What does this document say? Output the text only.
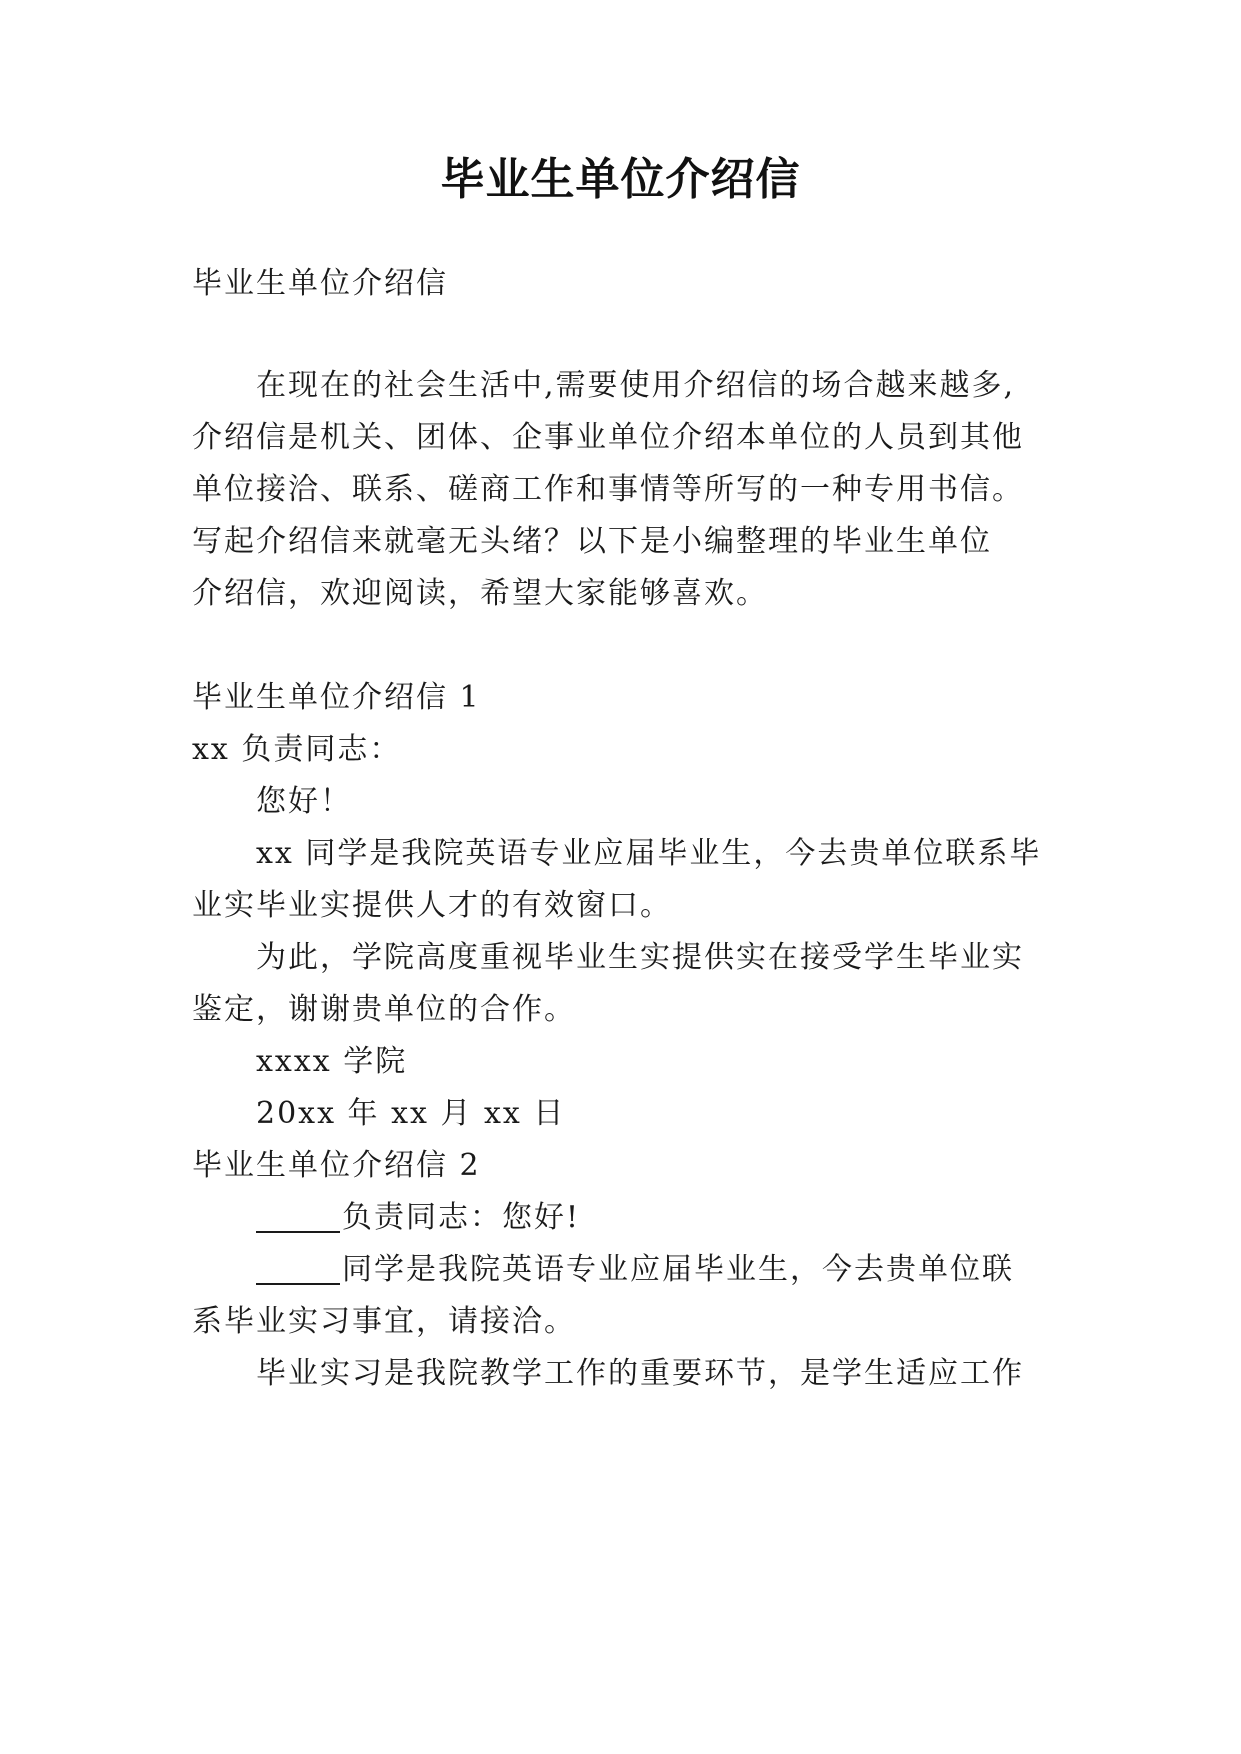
毕业生单位介绍信
毕业生单位介绍信
在现在的社会生活中,需要使用介绍信的场合越来越多,
介绍信是机关、团体、企事业单位介绍本单位的人员到其他
单位接洽、联系、磋商工作和事情等所写的一种专用书信。
写起介绍信来就毫无头绪？以下是小编整理的毕业生单位
介绍信，欢迎阅读，希望大家能够喜欢。
毕业生单位介绍信 1
xx 负责同志：
您好！
xx 同学是我院英语专业应届毕业生，今去贵单位联系毕
业实毕业实提供人才的有效窗口。
为此，学院高度重视毕业生实提供实在接受学生毕业实
鉴定，谢谢贵单位的合作。
xxxx 学院
20xx 年 xx 月 xx 日
毕业生单位介绍信 2
负责同志：您好!
同学是我院英语专业应届毕业生，今去贵单位联
系毕业实习事宜，请接洽。
毕业实习是我院教学工作的重要环节，是学生适应工作
